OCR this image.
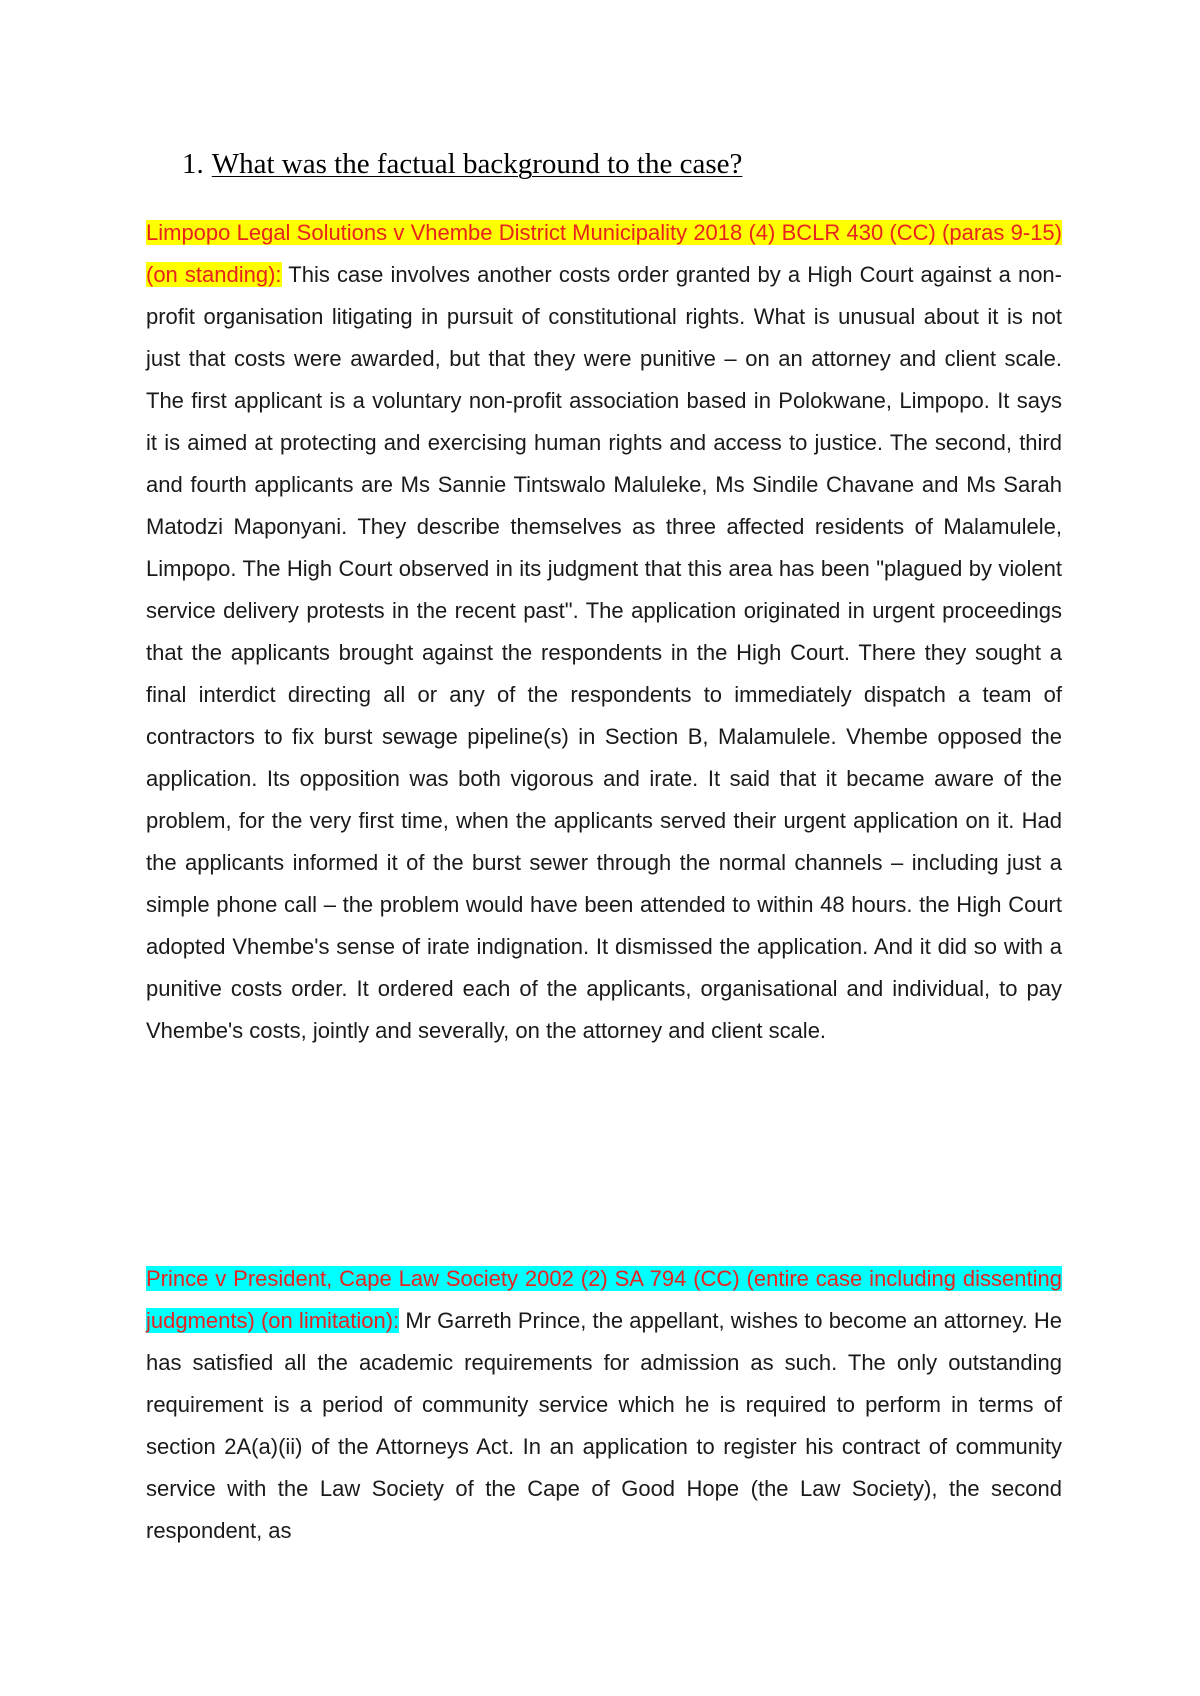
1. What was the factual background to the case?

Limpopo Legal Solutions v Vhembe District Municipality 2018 (4) BCLR 430 (CC) (paras 9-15) (on standing): This case involves another costs order granted by a High Court against a non-profit organisation litigating in pursuit of constitutional rights. What is unusual about it is not just that costs were awarded, but that they were punitive – on an attorney and client scale. The first applicant is a voluntary non-profit association based in Polokwane, Limpopo. It says it is aimed at protecting and exercising human rights and access to justice. The second, third and fourth applicants are Ms Sannie Tintswalo Maluleke, Ms Sindile Chavane and Ms Sarah Matodzi Maponyani. They describe themselves as three affected residents of Malamulele, Limpopo. The High Court observed in its judgment that this area has been "plagued by violent service delivery protests in the recent past". The application originated in urgent proceedings that the applicants brought against the respondents in the High Court. There they sought a final interdict directing all or any of the respondents to immediately dispatch a team of contractors to fix burst sewage pipeline(s) in Section B, Malamulele. Vhembe opposed the application. Its opposition was both vigorous and irate. It said that it became aware of the problem, for the very first time, when the applicants served their urgent application on it. Had the applicants informed it of the burst sewer through the normal channels – including just a simple phone call – the problem would have been attended to within 48 hours. the High Court adopted Vhembe's sense of irate indignation. It dismissed the application. And it did so with a punitive costs order. It ordered each of the applicants, organisational and individual, to pay Vhembe's costs, jointly and severally, on the attorney and client scale.

Prince v President, Cape Law Society 2002 (2) SA 794 (CC) (entire case including dissenting judgments) (on limitation): Mr Garreth Prince, the appellant, wishes to become an attorney. He has satisfied all the academic requirements for admission as such. The only outstanding requirement is a period of community service which he is required to perform in terms of section 2A(a)(ii) of the Attorneys Act. In an application to register his contract of community service with the Law Society of the Cape of Good Hope (the Law Society), the second respondent, as
